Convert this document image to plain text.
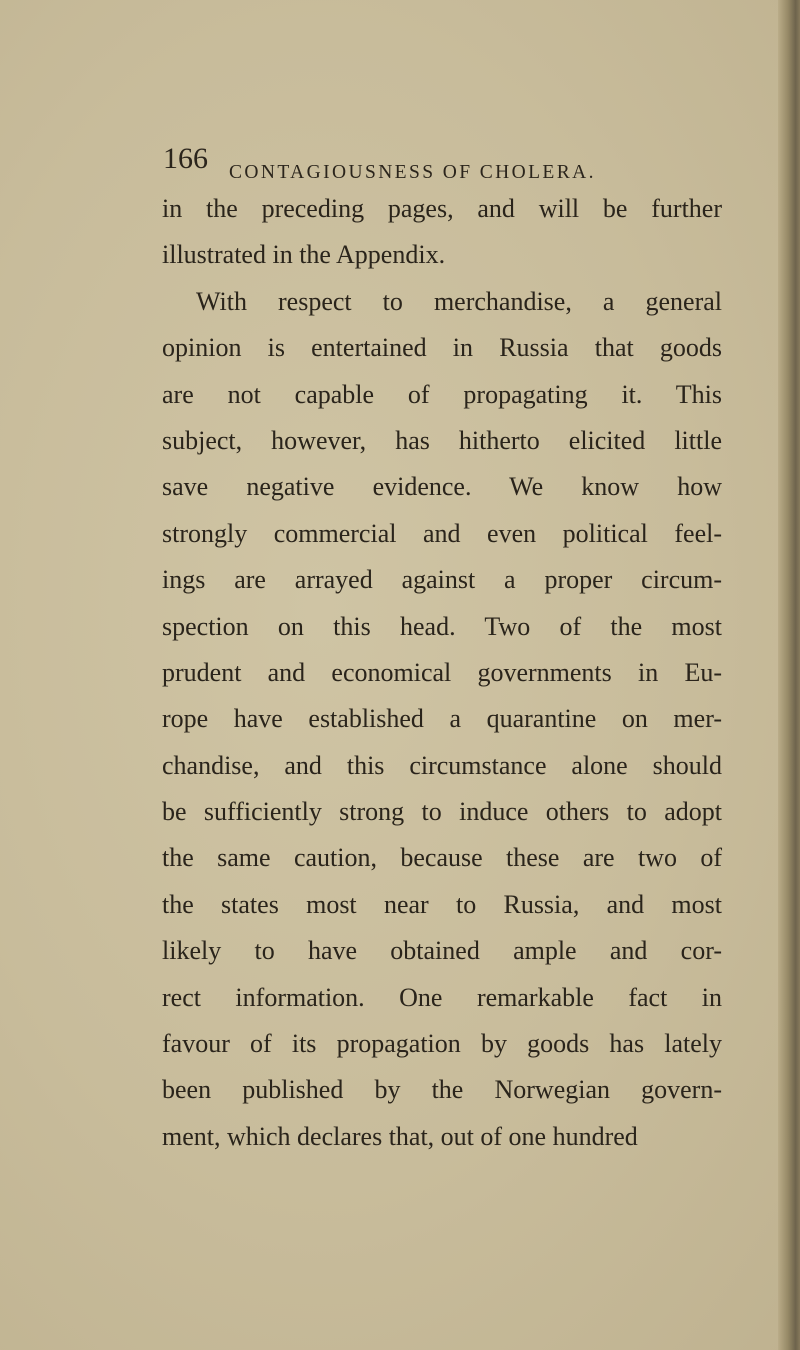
166 CONTAGIOUSNESS OF CHOLERA.
in the preceding pages, and will be further
illustrated in the Appendix.
With respect to merchandise, a general
opinion is entertained in Russia that goods
are not capable of propagating it. This
subject, however, has hitherto elicited little
save negative evidence. We know how
strongly commercial and even political feel-
ings are arrayed against a proper circum-
spection on this head. Two of the most
prudent and economical governments in Eu-
rope have established a quarantine on mer-
chandise, and this circumstance alone should
be sufficiently strong to induce others to adopt
the same caution, because these are two of
the states most near to Russia, and most
likely to have obtained ample and cor-
rect information. One remarkable fact in
favour of its propagation by goods has lately
been published by the Norwegian govern-
ment, which declares that, out of one hundred
